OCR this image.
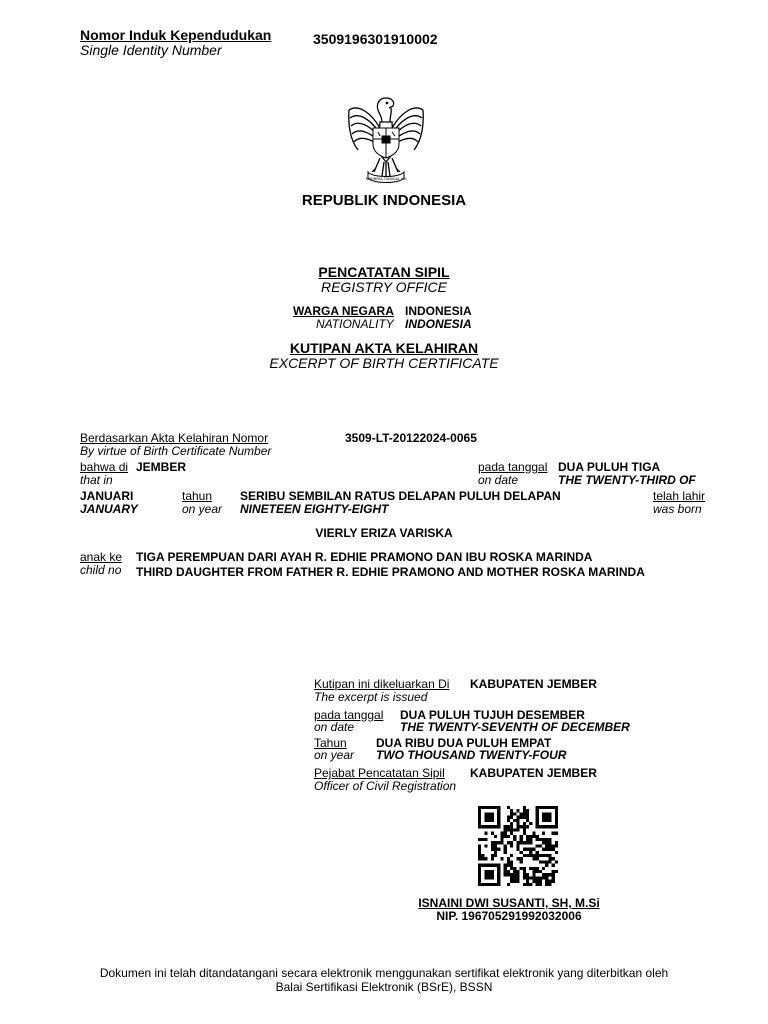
Nomor Induk Kependudukan
Single Identity Number
3509196301910002
BHINNEKA TUNGGAL IKA
REPUBLIK INDONESIA
PENCATATAN SIPIL
REGISTRY OFFICE
WARGA NEGARA INDONESIA
NATIONALITY INDONESIA
KUTIPAN AKTA KELAHIRAN
EXCERPT OF BIRTH CERTIFICATE
Berdasarkan Akta Kelahiran Nomor
By virtue of Birth Certificate Number
3509-LT-20122024-0065
bahwa di JEMBER
that in
pada tanggal DUA PULUH TIGA
on date	THE TWENTY-THIRD OF
JANUARI
JANUARY
tahun
on year
SERIBU SEMBILAN RATUS DELAPAN PULUH DELAPAN
NINETEEN EIGHTY-EIGHT
telah lahir
was born
VIERLY ERIZA VARISKA
anak ke
child no
TIGA PEREMPUAN DARI AYAH R. EDHIE PRAMONO DAN IBU ROSKA MARINDA
THIRD DAUGHTER FROM FATHER R. EDHIE PRAMONO AND MOTHER ROSKA MARINDA
Kutipan ini dikeluarkan Di
The excerpt is issued
KABUPATEN JEMBER
pada tanggal
on date
DUA PULUH TUJUH DESEMBER
THE TWENTY-SEVENTH OF DECEMBER
Tahun
on year
DUA RIBU DUA PULUH EMPAT
TWO THOUSAND TWENTY-FOUR
Pejabat Pencatatan Sipil
Officer of Civil Registration
KABUPATEN JEMBER
ISNAINI DWI SUSANTI, SH, M.Si
NIP. 196705291992032006
Dokumen ini telah ditandatangani secara elektronik menggunakan sertifikat elektronik yang diterbitkan oleh
Balai Sertifikasi Elektronik (BSrE), BSSN
